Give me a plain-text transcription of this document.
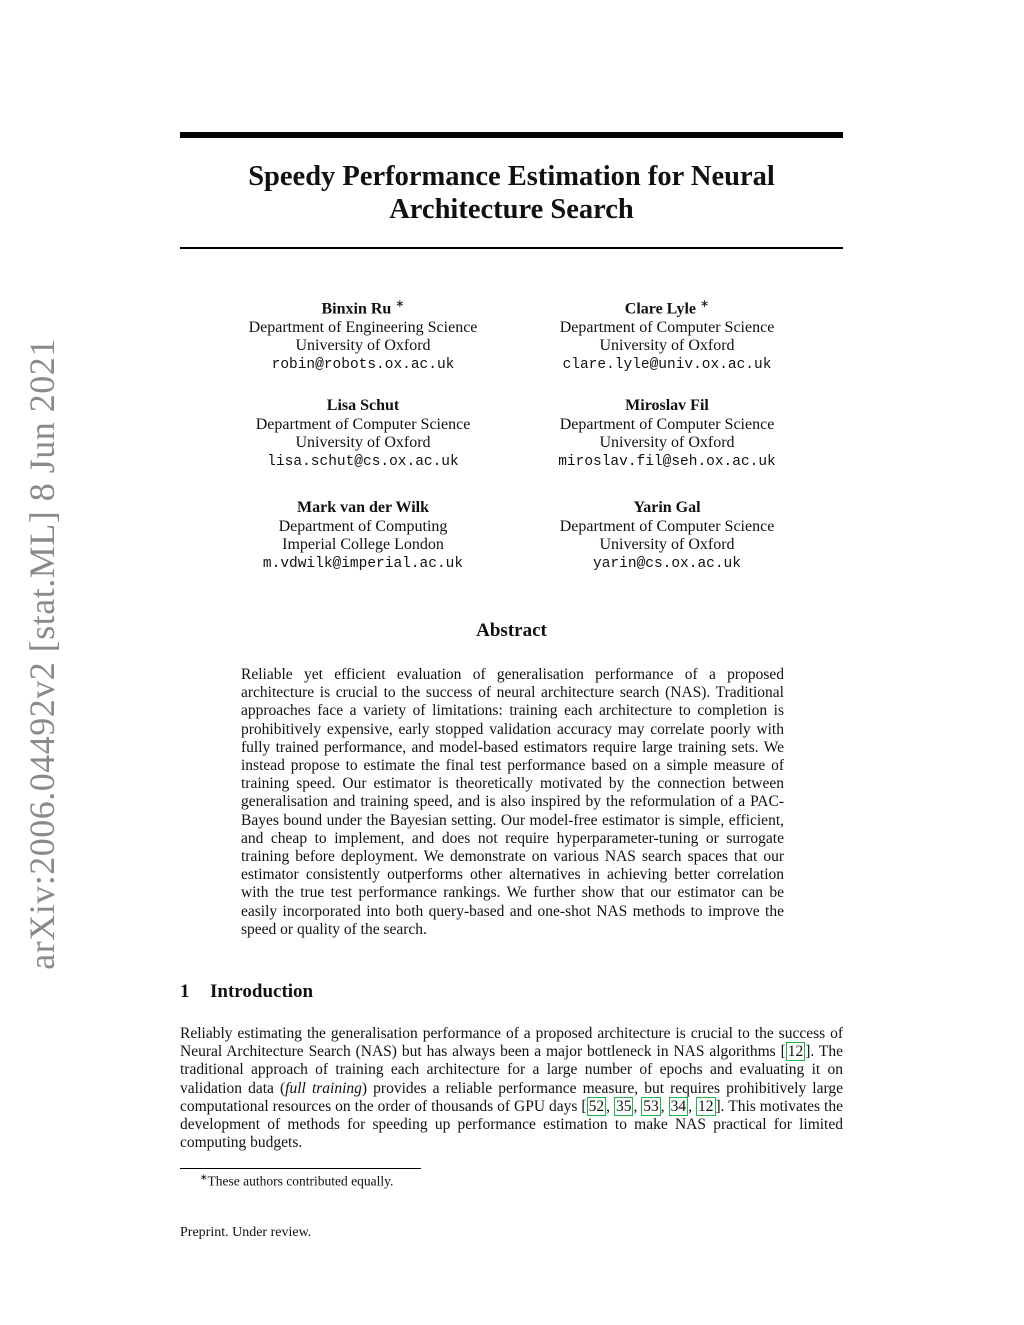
arXiv:2006.04492v2 [stat.ML] 8 Jun 2021
Speedy Performance Estimation for Neural
Architecture Search
Binxin Ru ∗
Department of Engineering Science
University of Oxford
robin@robots.ox.ac.uk
Clare Lyle ∗
Department of Computer Science
University of Oxford
clare.lyle@univ.ox.ac.uk
Lisa Schut
Department of Computer Science
University of Oxford
lisa.schut@cs.ox.ac.uk
Miroslav Fil
Department of Computer Science
University of Oxford
miroslav.fil@seh.ox.ac.uk
Mark van der Wilk
Department of Computing
Imperial College London
m.vdwilk@imperial.ac.uk
Yarin Gal
Department of Computer Science
University of Oxford
yarin@cs.ox.ac.uk
Abstract
Reliable yet efficient evaluation of generalisation performance of a proposed architecture is crucial to the success of neural architecture search (NAS). Traditional approaches face a variety of limitations: training each architecture to completion is prohibitively expensive, early stopped validation accuracy may correlate poorly with fully trained performance, and model-based estimators require large training sets. We instead propose to estimate the final test performance based on a simple measure of training speed. Our estimator is theoretically motivated by the connection between generalisation and training speed, and is also inspired by the reformulation of a PAC-Bayes bound under the Bayesian setting. Our model-free estimator is simple, efficient, and cheap to implement, and does not require hyperparameter-tuning or surrogate training before deployment. We demonstrate on various NAS search spaces that our estimator consistently outperforms other alternatives in achieving better correlation with the true test performance rankings. We further show that our estimator can be easily incorporated into both query-based and one-shot NAS methods to improve the speed or quality of the search.
1 Introduction
Reliably estimating the generalisation performance of a proposed architecture is crucial to the success of Neural Architecture Search (NAS) but has always been a major bottleneck in NAS algorithms [ 12 ]. The traditional approach of training each architecture for a large number of epochs and evaluating it on validation data (full training) provides a reliable performance measure, but requires prohibitively large computational resources on the order of thousands of GPU days [ 52 , 35 , 53 , 34 , 12 ]. This motivates the development of methods for speeding up performance estimation to make NAS practical for limited computing budgets.
∗These authors contributed equally.
Preprint. Under review.
